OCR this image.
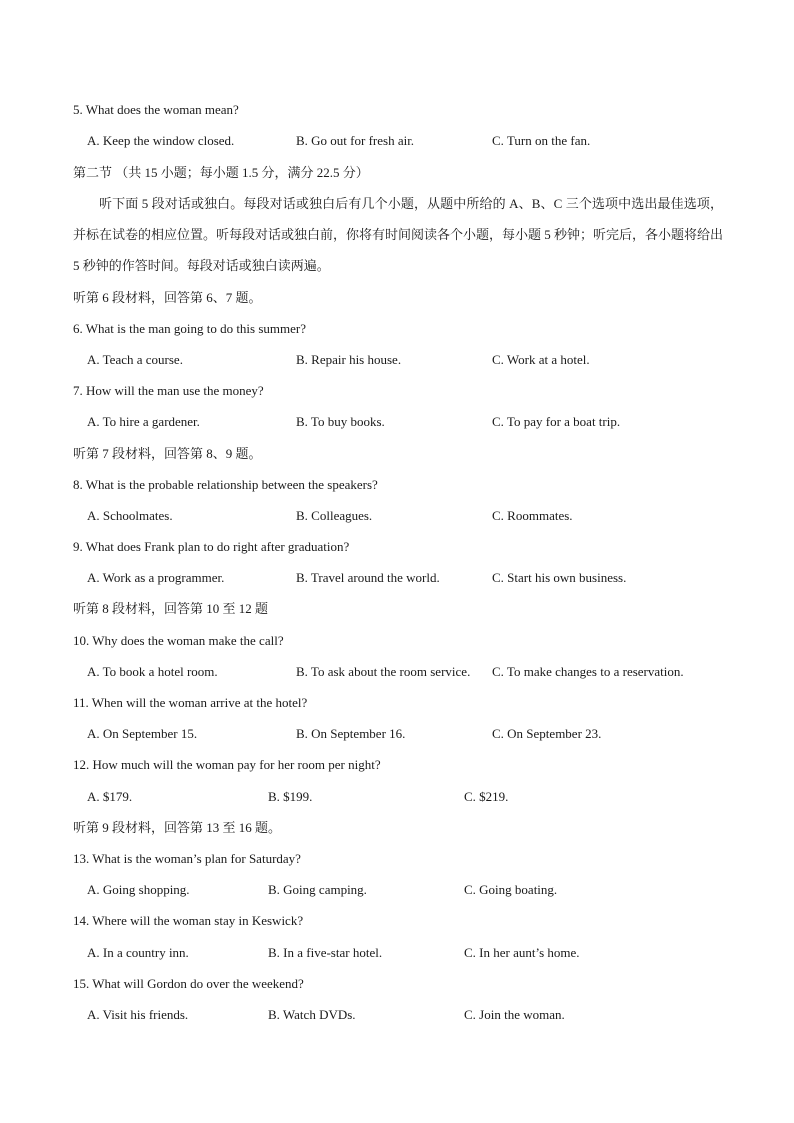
5. What does the woman mean?
A. Keep the window closed.	B. Go out for fresh air.	C. Turn on the fan.
第二节 （共 15 小题；每小题 1.5 分，满分 22.5 分）
听下面 5 段对话或独白。每段对话或独白后有几个小题，从题中所给的 A、B、C 三个选项中选出最佳选项，并标在试卷的相应位置。听每段对话或独白前，你将有时间阅读各个小题，每小题 5 秒钟；听完后，各小题将给出 5 秒钟的作答时间。每段对话或独白读两遍。
听第 6 段材料，回答第 6、7 题。
6. What is the man going to do this summer?
A. Teach a course.	B. Repair his house.	C. Work at a hotel.
7. How will the man use the money?
A. To hire a gardener.	B. To buy books.	C. To pay for a boat trip.
听第 7 段材料，回答第 8、9 题。
8. What is the probable relationship between the speakers?
A. Schoolmates.	B. Colleagues.	C. Roommates.
9. What does Frank plan to do right after graduation?
A. Work as a programmer.	B. Travel around the world.	C. Start his own business.
听第 8 段材料，回答第 10 至 12 题
10. Why does the woman make the call?
A. To book a hotel room.	B. To ask about the room service. C. To make changes to a reservation.
11. When will the woman arrive at the hotel?
A. On September 15.	B. On September 16.	C. On September 23.
12. How much will the woman pay for her room per night?
A. $179.	B. $199.	C. $219.
听第 9 段材料，回答第 13 至 16 题。
13. What is the woman’s plan for Saturday?
A. Going shopping.	B. Going camping.	C. Going boating.
14. Where will the woman stay in Keswick?
A. In a country inn.	B. In a five-star hotel.	C. In her aunt’s home.
15. What will Gordon do over the weekend?
A. Visit his friends.	B. Watch DVDs.	C. Join the woman.
